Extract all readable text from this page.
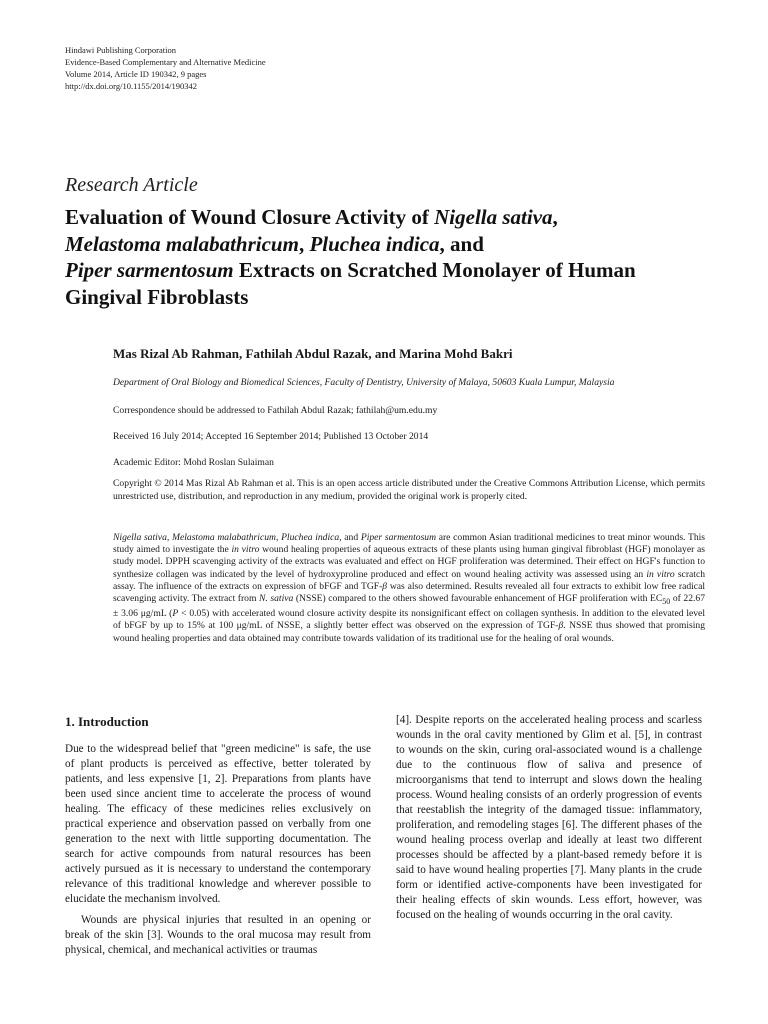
Hindawi Publishing Corporation
Evidence-Based Complementary and Alternative Medicine
Volume 2014, Article ID 190342, 9 pages
http://dx.doi.org/10.1155/2014/190342
Research Article
Evaluation of Wound Closure Activity of Nigella sativa,
Melastoma malabathricum, Pluchea indica, and
Piper sarmentosum Extracts on Scratched Monolayer of Human Gingival Fibroblasts
Mas Rizal Ab Rahman, Fathilah Abdul Razak, and Marina Mohd Bakri
Department of Oral Biology and Biomedical Sciences, Faculty of Dentistry, University of Malaya, 50603 Kuala Lumpur, Malaysia
Correspondence should be addressed to Fathilah Abdul Razak; fathilah@um.edu.my
Received 16 July 2014; Accepted 16 September 2014; Published 13 October 2014
Academic Editor: Mohd Roslan Sulaiman
Copyright © 2014 Mas Rizal Ab Rahman et al. This is an open access article distributed under the Creative Commons Attribution License, which permits unrestricted use, distribution, and reproduction in any medium, provided the original work is properly cited.
Nigella sativa, Melastoma malabathricum, Pluchea indica, and Piper sarmentosum are common Asian traditional medicines to treat minor wounds. This study aimed to investigate the in vitro wound healing properties of aqueous extracts of these plants using human gingival fibroblast (HGF) monolayer as study model. DPPH scavenging activity of the extracts was evaluated and effect on HGF proliferation was determined. Their effect on HGF's function to synthesize collagen was indicated by the level of hydroxyproline produced and effect on wound healing activity was assessed using an in vitro scratch assay. The influence of the extracts on expression of bFGF and TGF-β was also determined. Results revealed all four extracts to exhibit low free radical scavenging activity. The extract from N. sativa (NSSE) compared to the others showed favourable enhancement of HGF proliferation with $EC_{50}$ of 22.67 ± 3.06 μg/mL (P < 0.05) with accelerated wound closure activity despite its nonsignificant effect on collagen synthesis. In addition to the elevated level of bFGF by up to 15% at 100 μg/mL of NSSE, a slightly better effect was observed on the expression of TGF-β. NSSE thus showed that promising wound healing properties and data obtained may contribute towards validation of its traditional use for the healing of oral wounds.
1. Introduction

Due to the widespread belief that "green medicine" is safe, the use of plant products is perceived as effective, better tolerated by patients, and less expensive [1, 2]. Preparations from plants have been used since ancient time to accelerate the process of wound healing. The efficacy of these medicines relies exclusively on practical experience and observation passed on verbally from one generation to the next with little supporting documentation. The search for active compounds from natural resources has been actively pursued as it is necessary to understand the contemporary relevance of this traditional knowledge and wherever possible to elucidate the mechanism involved.

Wounds are physical injuries that resulted in an opening or break of the skin [3]. Wounds to the oral mucosa may result from physical, chemical, and mechanical activities or traumas

[4]. Despite reports on the accelerated healing process and scarless wounds in the oral cavity mentioned by Glim et al. [5], in contrast to wounds on the skin, curing oral-associated wound is a challenge due to the continuous flow of saliva and presence of microorganisms that tend to interrupt and slows down the healing process. Wound healing consists of an orderly progression of events that reestablish the integrity of the damaged tissue: inflammatory, proliferation, and remodeling stages [6]. The different phases of the wound healing process overlap and ideally at least two different processes should be affected by a plant-based remedy before it is said to have wound healing properties [7]. Many plants in the crude form or identified active-components have been investigated for their healing effects of skin wounds. Less effort, however, was focused on the healing of wounds occurring in the oral cavity.
